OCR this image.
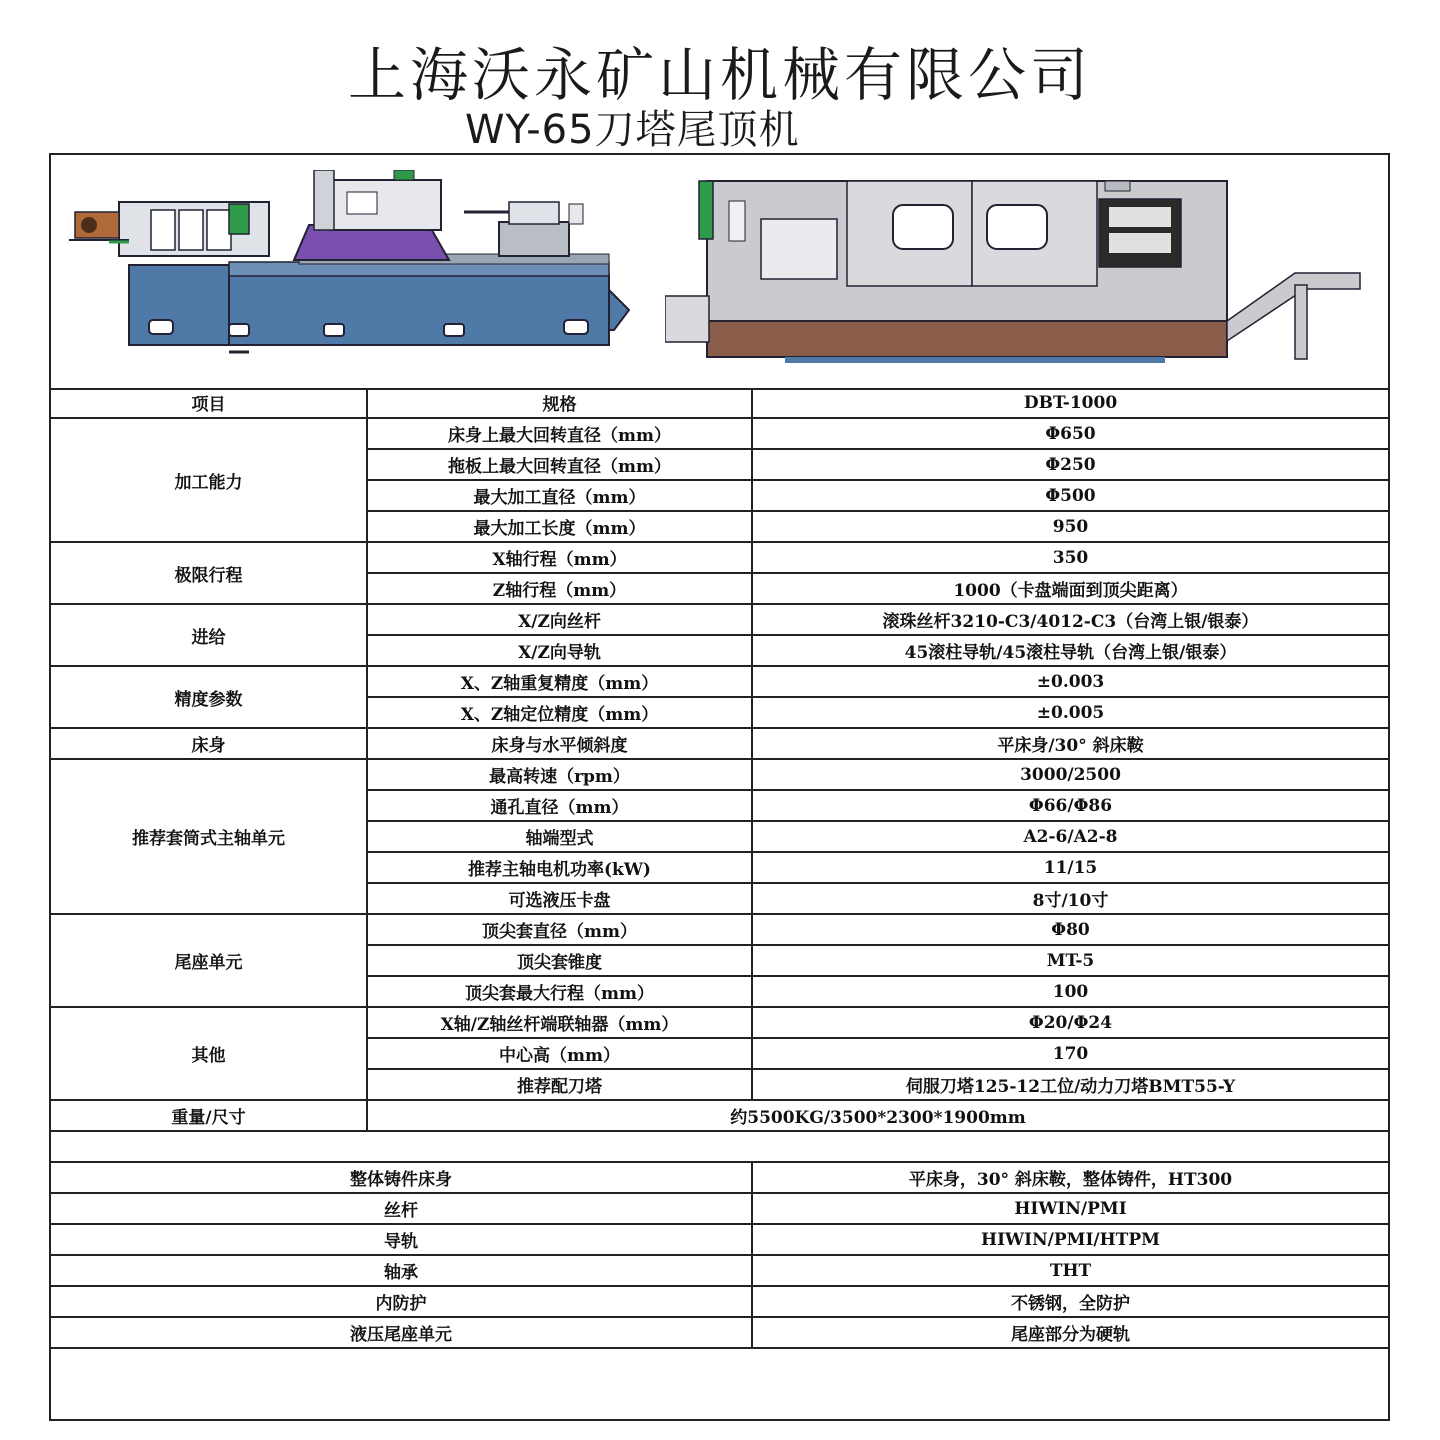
上海沃永矿山机械有限公司
WY-65刀塔尾顶机
项目	规格	DBT-1000
加工能力	床身上最大回转直径（mm）	Φ650
	拖板上最大回转直径（mm）	Φ250
	最大加工直径（mm）	Φ500
	最大加工长度（mm）	950
极限行程	X轴行程（mm）	350
	Z轴行程（mm）	1000（卡盘端面到顶尖距离）
进给	X/Z向丝杆	滚珠丝杆3210-C3/4012-C3（台湾上银/银泰）
	X/Z向导轨	45滚柱导轨/45滚柱导轨（台湾上银/银泰）
精度参数	X、Z轴重复精度（mm）	±0.003
	X、Z轴定位精度（mm）	±0.005
床身	床身与水平倾斜度	平床身/30° 斜床鞍
推荐套筒式主轴单元	最高转速（rpm）	3000/2500
	通孔直径（mm）	Φ66/Φ86
	轴端型式	A2-6/A2-8
	推荐主轴电机功率(kW)	11/15
	可选液压卡盘	8寸/10寸
尾座单元	顶尖套直径（mm）	Φ80
	顶尖套锥度	MT-5
	顶尖套最大行程（mm）	100
其他	X轴/Z轴丝杆端联轴器（mm）	Φ20/Φ24
	中心高（mm）	170
	推荐配刀塔	伺服刀塔125-12工位/动力刀塔BMT55-Y
重量/尺寸	约5500KG/3500*2300*1900mm	

整体铸件床身		平床身，30° 斜床鞍，整体铸件，HT300
丝杆		HIWIN/PMI
导轨		HIWIN/PMI/HTPM
轴承		THT
内防护		不锈钢，全防护
液压尾座单元		尾座部分为硬轨
